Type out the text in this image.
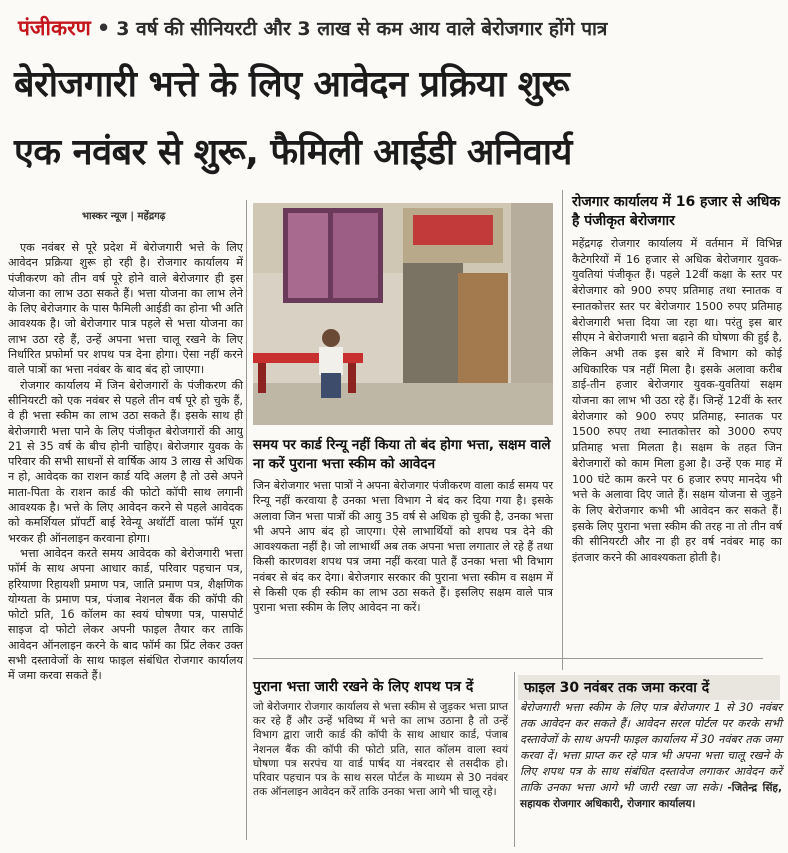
पंजीकरण • 3 वर्ष की सीनियरटी और 3 लाख से कम आय वाले बेरोजगार होंगे पात्र
बेरोजगारी भत्ते के लिए आवेदन प्रक्रिया शुरू
एक नवंबर से शुरू, फैमिली आईडी अनिवार्य
भास्कर न्यूज | महेंद्रगढ़

एक नवंबर से पूरे प्रदेश में बेरोजगारी भत्ते के लिए आवेदन प्रक्रिया शुरू हो रही है। रोजगार कार्यालय में पंजीकरण को तीन वर्ष पूरे होने वाले बेरोजगार ही इस योजना का लाभ उठा सकते हैं। भत्ता योजना का लाभ लेने के लिए बेरोजगार के पास फैमिली आईडी का होना भी अति आवश्यक है। जो बेरोजगार पात्र पहले से भत्ता योजना का लाभ उठा रहे हैं, उन्हें अपना भत्ता चालू रखने के लिए निर्धारित प्रफोर्मा पर शपथ पत्र देना होगा। ऐसा नहीं करने वाले पात्रों का भत्ता नवंबर के बाद बंद हो जाएगा।

रोजगार कार्यालय में जिन बेरोजगारों के पंजीकरण की सीनियरटी को एक नवंबर से पहले तीन वर्ष पूरे हो चुके हैं, वे ही भत्ता स्कीम का लाभ उठा सकते हैं। इसके साथ ही बेरोजगारी भत्ता पाने के लिए पंजीकृत बेरोजगारों की आयु 21 से 35 वर्ष के बीच होनी चाहिए। बेरोजगार युवक के परिवार की सभी साधनों से वार्षिक आय 3 लाख से अधिक न हो, आवेदक का राशन कार्ड यदि अलग है तो उसे अपने माता-पिता के राशन कार्ड की फोटो कॉपी साथ लगानी आवश्यक है। भत्ते के लिए आवेदन करने से पहले आवेदक को कमर्शियल प्रॉपर्टी बाई रेवेन्यू अथॉर्टी वाला फॉर्म पूरा भरकर ही ऑनलाइन करवाना होगा।

भत्ता आवेदन करते समय आवेदक को बेरोजगारी भत्ता फॉर्म के साथ अपना आधार कार्ड, परिवार पहचान पत्र, हरियाणा रिहायशी प्रमाण पत्र, जाति प्रमाण पत्र, शैक्षणिक योग्यता के प्रमाण पत्र, पंजाब नेशनल बैंक की कॉपी की फोटो प्रति, 16 कॉलम का स्वयं घोषणा पत्र, पासपोर्ट साइज दो फोटो लेकर अपनी फाइल तैयार कर ताकि आवेदन ऑनलाइन करने के बाद फॉर्म का प्रिंट लेकर उक्त सभी दस्तावेजों के साथ फाइल संबंधित रोजगार कार्यालय में जमा करवा सकते हैं।

समय पर कार्ड रिन्यू नहीं किया तो बंद होगा भत्ता, सक्षम वाले ना करें पुराना भत्ता स्कीम को आवेदन
जिन बेरोजगार भत्ता पात्रों ने अपना बेरोजगार पंजीकरण वाला कार्ड समय पर रिन्यू नहीं करवाया है उनका भत्ता विभाग ने बंद कर दिया गया है। इसके अलावा जिन भत्ता पात्रों की आयु 35 वर्ष से अधिक हो चुकी है, उनका भत्ता भी अपने आप बंद हो जाएगा। ऐसे लाभार्थियों को शपथ पत्र देने की आवश्यकता नहीं है। जो लाभार्थी अब तक अपना भत्ता लगातार ले रहे हैं तथा किसी कारणवश शपथ पत्र जमा नहीं करवा पाते हैं उनका भत्ता भी विभाग नवंबर से बंद कर देगा। बेरोजगार सरकार की पुराना भत्ता स्कीम व सक्षम में से किसी एक ही स्कीम का लाभ उठा सकते हैं। इसलिए सक्षम वाले पात्र पुराना भत्ता स्कीम के लिए आवेदन ना करें।
पुराना भत्ता जारी रखने के लिए शपथ पत्र दें
जो बेरोजगार रोजगार कार्यालय से भत्ता स्कीम से जुड़कर भत्ता प्राप्त कर रहे हैं और उन्हें भविष्य में भत्ते का लाभ उठाना है तो उन्हें विभाग द्वारा जारी कार्ड की कॉपी के साथ आधार कार्ड, पंजाब नेशनल बैंक की कॉपी की फोटो प्रति, सात कॉलम वाला स्वयं घोषणा पत्र सरपंच या वार्ड पार्षद या नंबरदार से तसदीक हो। परिवार पहचान पत्र के साथ सरल पोर्टल के माध्यम से 30 नवंबर तक ऑनलाइन आवेदन करें ताकि उनका भत्ता आगे भी चालू रहे।
रोजगार कार्यालय में 16 हजार से अधिक है पंजीकृत बेरोजगार
महेंद्रगढ़ रोजगार कार्यालय में वर्तमान में विभिन्न कैटेगरियों में 16 हजार से अधिक बेरोजगार युवक-युवतियां पंजीकृत हैं। पहले 12वीं कक्षा के स्तर पर बेरोजगार को 900 रुपए प्रतिमाह तथा स्नातक व स्नातकोत्तर स्तर पर बेरोजगार 1500 रुपए प्रतिमाह बेरोजगारी भत्ता दिया जा रहा था। परंतु इस बार सीएम ने बेरोजगारी भत्ता बढ़ाने की घोषणा की हुई है, लेकिन अभी तक इस बारे में विभाग को कोई अधिकारिक पत्र नहीं मिला है। इसके अलावा करीब डाई-तीन हजार बेरोजगार युवक-युवतियां सक्षम योजना का लाभ भी उठा रहे हैं। जिन्हें 12वीं के स्तर बेरोजगार को 900 रुपए प्रतिमाह, स्नातक पर 1500 रुपए तथा स्नातकोत्तर को 3000 रुपए प्रतिमाह भत्ता मिलता है। सक्षम के तहत जिन बेरोजगारों को काम मिला हुआ है। उन्हें एक माह में 100 घंटे काम करने पर 6 हजार रुपए मानदेय भी भत्ते के अलावा दिए जाते हैं। सक्षम योजना से जुड़ने के लिए बेरोजगार कभी भी आवेदन कर सकते हैं। इसके लिए पुराना भत्ता स्कीम की तरह ना तो तीन वर्ष की सीनियरटी और ना ही हर वर्ष नवंबर माह का इंतजार करने की आवश्यकता होती है।
फाइल 30 नवंबर तक जमा करवा दें
बेरोजगारी भत्ता स्कीम के लिए पात्र बेरोजगार 1 से 30 नवंबर तक आवेदन कर सकते हैं। आवेदन सरल पोर्टल पर करके सभी दस्तावेजों के साथ अपनी फाइल कार्यालय में 30 नवंबर तक जमा करवा दें। भत्ता प्राप्त कर रहे पात्र भी अपना भत्ता चालू रखने के लिए शपथ पत्र के साथ संबंधित दस्तावेज लगाकर आवेदन करें ताकि उनका भत्ता आगे भी जारी रखा जा सके। -जितेन्द्र सिंह, सहायक रोजगार अधिकारी, रोजगार कार्यालय।
